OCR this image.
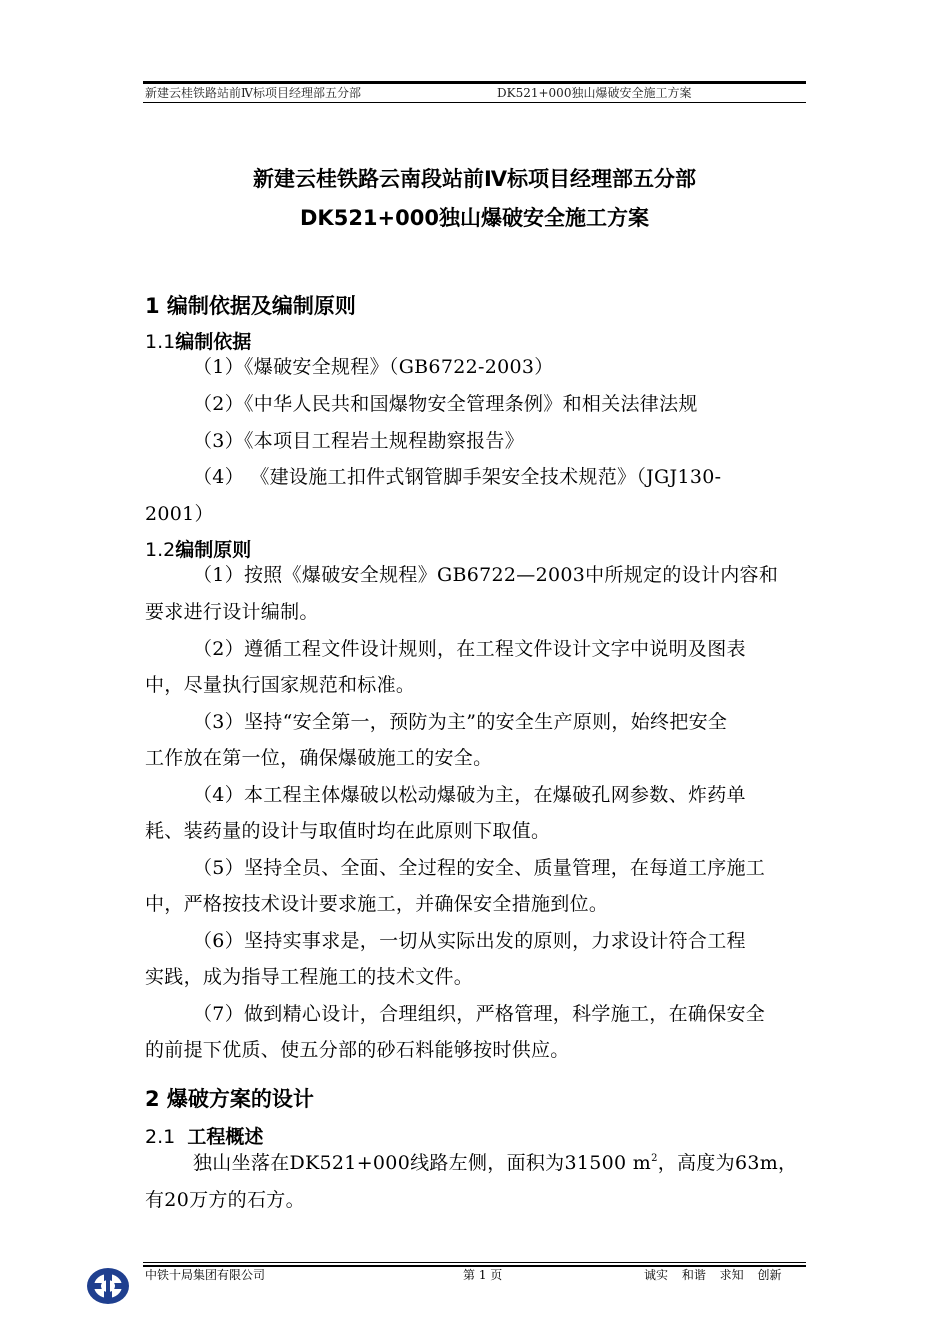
新建云桂铁路站前Ⅳ标项目经理部五分部	DK521+000独山爆破安全施工方案
新建云桂铁路云南段站前Ⅳ标项目经理部五分部
DK521+000独山爆破安全施工方案
1 编制依据及编制原则
1.1编制依据
（1）《爆破安全规程》（GB6722-2003）
（2）《中华人民共和国爆物安全管理条例》和相关法律法规
（3）《本项目工程岩土规程勘察报告》
（4） 《建设施工扣件式钢管脚手架安全技术规范》（JGJ130-
2001）
1.2编制原则
（1）按照《爆破安全规程》GB6722—2003中所规定的设计内容和
要求进行设计编制。
（2）遵循工程文件设计规则，在工程文件设计文字中说明及图表
中，尽量执行国家规范和标准。
（3）坚持“安全第一，预防为主”的安全生产原则，始终把安全
工作放在第一位，确保爆破施工的安全。
（4）本工程主体爆破以松动爆破为主，在爆破孔网参数、炸药单
耗、装药量的设计与取值时均在此原则下取值。
（5）坚持全员、全面、全过程的安全、质量管理，在每道工序施工
中，严格按技术设计要求施工，并确保安全措施到位。
（6）坚持实事求是，一切从实际出发的原则，力求设计符合工程
实践，成为指导工程施工的技术文件。
（7）做到精心设计，合理组织，严格管理，科学施工，在确保安全
的前提下优质、使五分部的砂石料能够按时供应。
2 爆破方案的设计
2.1 工程概述
独山坐落在DK521+000线路左侧，面积为31500 $m^2$，高度为63m，
有20万方的石方。
中铁十局集团有限公司	第 1 页	诚实 和谐 求知 创新
